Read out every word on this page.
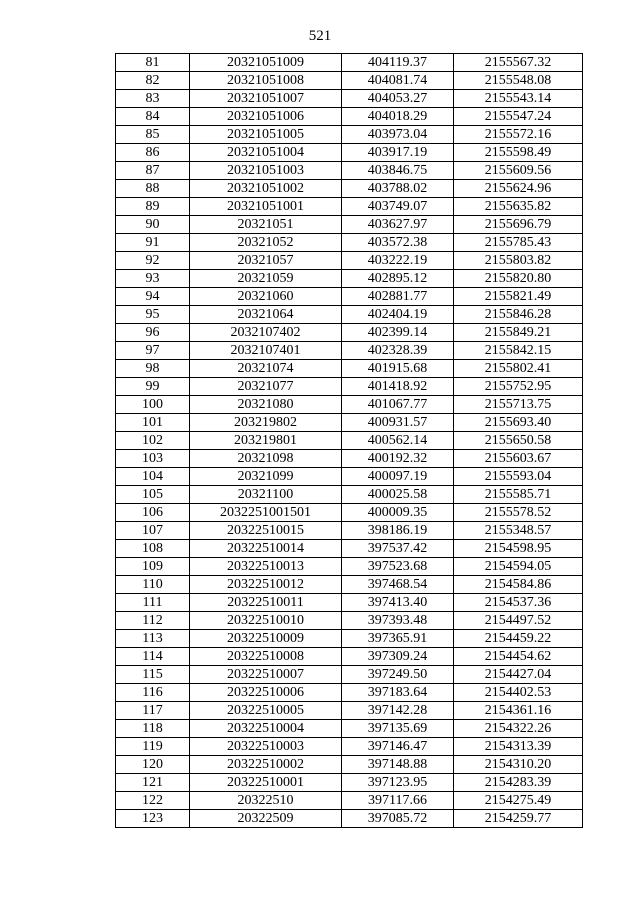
521
81	20321051009	404119.37	2155567.32
82	20321051008	404081.74	2155548.08
83	20321051007	404053.27	2155543.14
84	20321051006	404018.29	2155547.24
85	20321051005	403973.04	2155572.16
86	20321051004	403917.19	2155598.49
87	20321051003	403846.75	2155609.56
88	20321051002	403788.02	2155624.96
89	20321051001	403749.07	2155635.82
90	20321051	403627.97	2155696.79
91	20321052	403572.38	2155785.43
92	20321057	403222.19	2155803.82
93	20321059	402895.12	2155820.80
94	20321060	402881.77	2155821.49
95	20321064	402404.19	2155846.28
96	2032107402	402399.14	2155849.21
97	2032107401	402328.39	2155842.15
98	20321074	401915.68	2155802.41
99	20321077	401418.92	2155752.95
100	20321080	401067.77	2155713.75
101	203219802	400931.57	2155693.40
102	203219801	400562.14	2155650.58
103	20321098	400192.32	2155603.67
104	20321099	400097.19	2155593.04
105	20321100	400025.58	2155585.71
106	2032251001501	400009.35	2155578.52
107	20322510015	398186.19	2155348.57
108	20322510014	397537.42	2154598.95
109	20322510013	397523.68	2154594.05
110	20322510012	397468.54	2154584.86
111	20322510011	397413.40	2154537.36
112	20322510010	397393.48	2154497.52
113	20322510009	397365.91	2154459.22
114	20322510008	397309.24	2154454.62
115	20322510007	397249.50	2154427.04
116	20322510006	397183.64	2154402.53
117	20322510005	397142.28	2154361.16
118	20322510004	397135.69	2154322.26
119	20322510003	397146.47	2154313.39
120	20322510002	397148.88	2154310.20
121	20322510001	397123.95	2154283.39
122	20322510	397117.66	2154275.49
123	20322509	397085.72	2154259.77
